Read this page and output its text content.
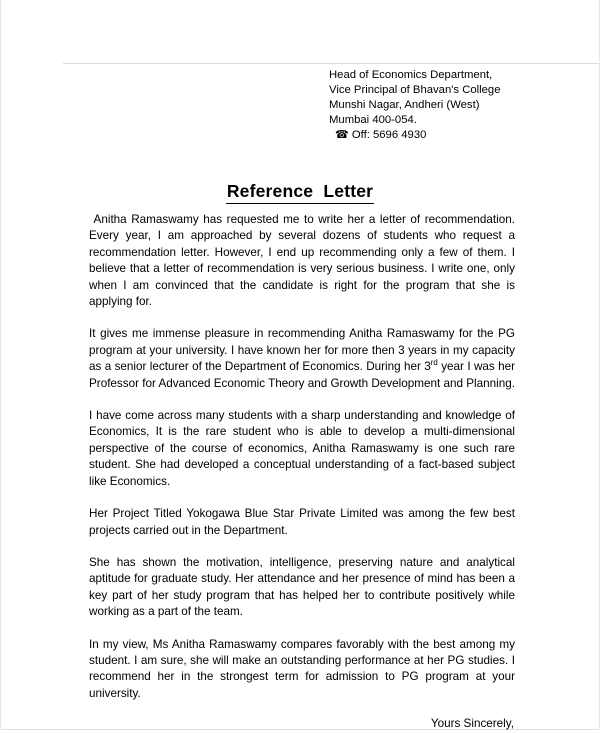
Head of Economics Department,
Vice Principal of Bhavan's College
Munshi Nagar, Andheri (West)
Mumbai 400-054.
☎ Off: 5696 4930
Reference  Letter

Anitha Ramaswamy has requested me to write her a letter of recommendation. Every year, I am approached by several dozens of students who request a recommendation letter. However, I end up recommending only a few of them. I believe that a letter of recommendation is very serious business. I write one, only when I am convinced that the candidate is right for the program that she is applying for.

It gives me immense pleasure in recommending Anitha Ramaswamy for the PG program at your university. I have known her for more then 3 years in my capacity as a senior lecturer of the Department of Economics. During her 3rd year I was her Professor for Advanced Economic Theory and Growth Development and Planning.

I have come across many students with a sharp understanding and knowledge of Economics, It is the rare student who is able to develop a multi-dimensional perspective of the course of economics, Anitha Ramaswamy is one such rare student. She had developed a conceptual understanding of a fact-based subject like Economics.

Her Project Titled Yokogawa Blue Star Private Limited was among the few best projects carried out in the Department.

She has shown the motivation, intelligence, preserving nature and analytical aptitude for graduate study. Her attendance and her presence of mind has been a key part of her study program that has helped her to contribute positively while working as a part of the team.

In my view, Ms Anitha Ramaswamy compares favorably with the best among my student. I am sure, she will make an outstanding performance at her PG studies. I recommend her in the strongest term for admission to PG program at your university.

Yours Sincerely,
